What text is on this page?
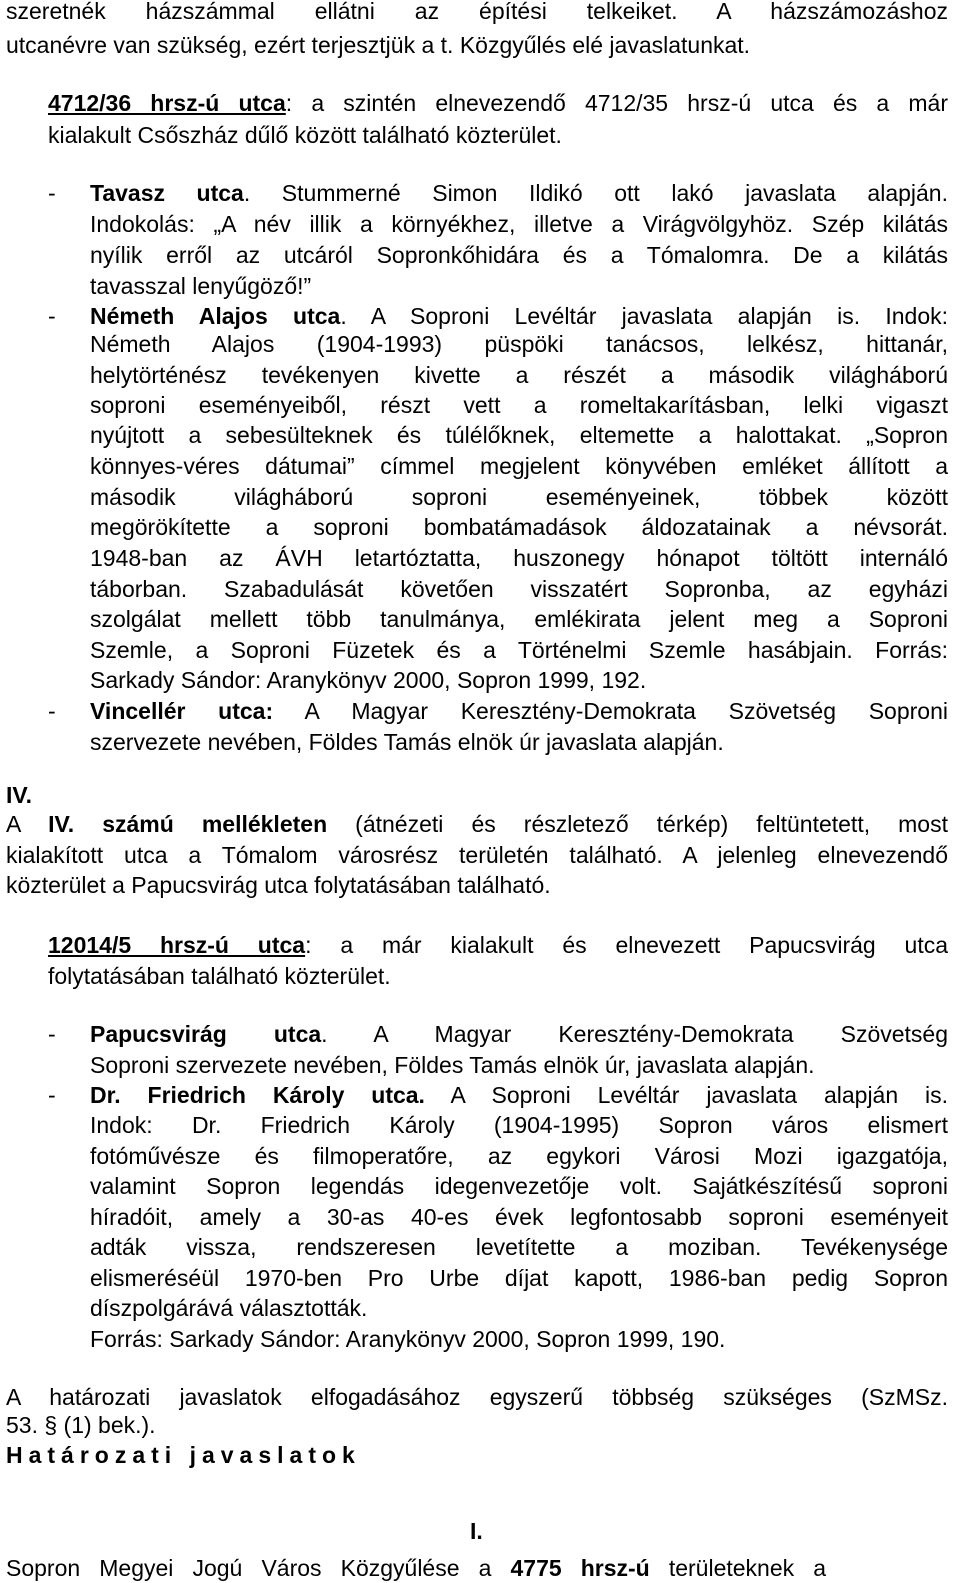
szeretnék házszámmal ellátni az építési telkeiket. A házszámozáshoz
utcanévre van szükség, ezért terjesztjük a t. Közgyűlés elé javaslatunkat.
4712/36 hrsz-ú utca: a szintén elnevezendő 4712/35 hrsz-ú utca és a már
kialakult Csőszház dűlő között található közterület.
- Tavasz utca. Stummerné Simon Ildikó ott lakó javaslata alapján.
Indokolás: „A név illik a környékhez, illetve a Virágvölgyhöz. Szép kilátás
nyílik erről az utcáról Sopronkőhidára és a Tómalomra. De a kilátás
tavasszal lenyűgöző!”
- Németh Alajos utca. A Soproni Levéltár javaslata alapján is. Indok:
Németh Alajos (1904-1993) püspöki tanácsos, lelkész, hittanár,
helytörténész tevékenyen kivette a részét a második világháború
soproni eseményeiből, részt vett a romeltakarításban, lelki vigaszt
nyújtott a sebesülteknek és túlélőknek, eltemette a halottakat. „Sopron
könnyes-véres dátumai” címmel megjelent könyvében emléket állított a
második világháború soproni eseményeinek, többek között
megörökítette a soproni bombatámadások áldozatainak a névsorát.
1948-ban az ÁVH letartóztatta, huszonegy hónapot töltött internáló
táborban. Szabadulását követően visszatért Sopronba, az egyházi
szolgálat mellett több tanulmánya, emlékirata jelent meg a Soproni
Szemle, a Soproni Füzetek és a Történelmi Szemle hasábjain. Forrás:
Sarkady Sándor: Aranykönyv 2000, Sopron 1999, 192.
- Vincellér utca: A Magyar Keresztény-Demokrata Szövetség Soproni
szervezete nevében, Földes Tamás elnök úr javaslata alapján.
IV.
A IV. számú mellékleten (átnézeti és részletező térkép) feltüntetett, most
kialakított utca a Tómalom városrész területén található. A jelenleg elnevezendő
közterület a Papucsvirág utca folytatásában található.
12014/5 hrsz-ú utca: a már kialakult és elnevezett Papucsvirág utca
folytatásában található közterület.
- Papucsvirág utca. A Magyar Keresztény-Demokrata Szövetség
Soproni szervezete nevében, Földes Tamás elnök úr, javaslata alapján.
- Dr. Friedrich Károly utca. A Soproni Levéltár javaslata alapján is.
Indok: Dr. Friedrich Károly (1904-1995) Sopron város elismert
fotóművésze és filmoperatőre, az egykori Városi Mozi igazgatója,
valamint Sopron legendás idegenvezetője volt. Sajátkészítésű soproni
híradóit, amely a 30-as 40-es évek legfontosabb soproni eseményeit
adták vissza, rendszeresen levetítette a moziban. Tevékenysége
elismeréséül 1970-ben Pro Urbe díjat kapott, 1986-ban pedig Sopron
díszpolgárává választották.
Forrás: Sarkady Sándor: Aranykönyv 2000, Sopron 1999, 190.
A határozati javaslatok elfogadásához egyszerű többség szükséges (SzMSz.
53. § (1) bek.).
Határozati javaslatok
I.
Sopron Megyei Jogú Város Közgyűlése a 4775 hrsz-ú területeknek a
